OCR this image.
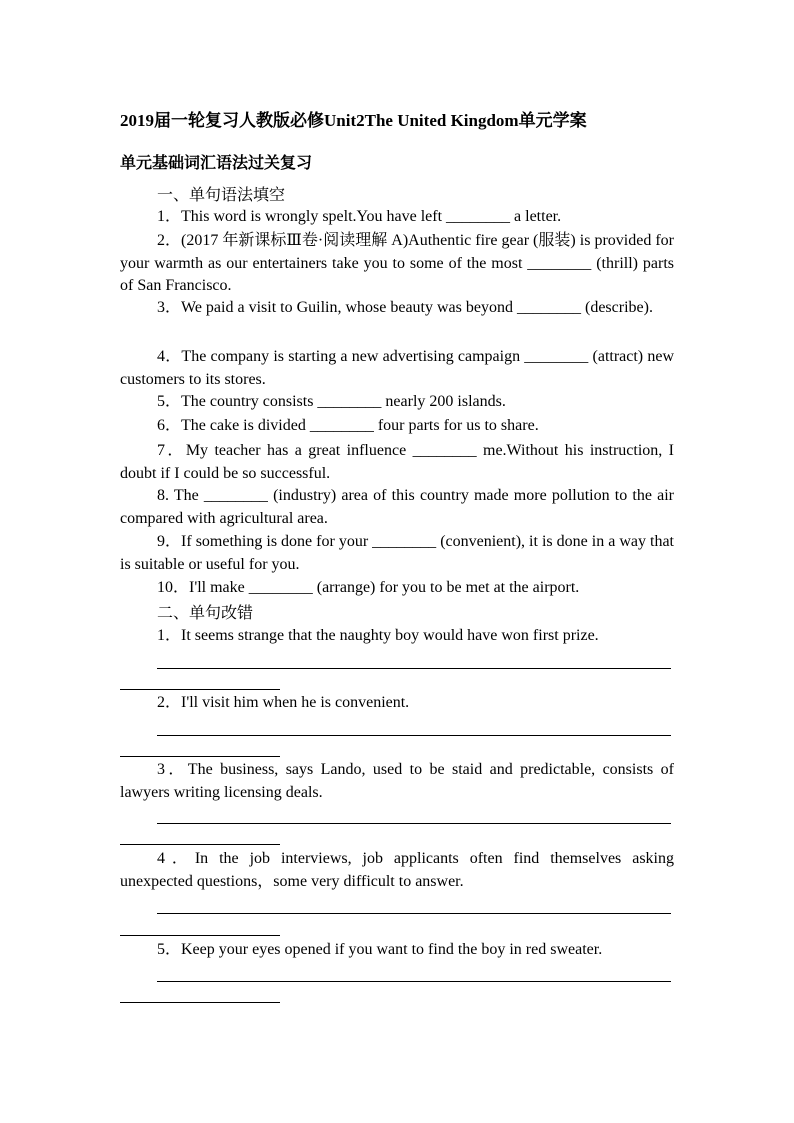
2019届一轮复习人教版必修Unit2The United Kingdom单元学案
单元基础词汇语法过关复习
一、单句语法填空
1．This word is wrongly spelt.You have left ________ a letter.
2．(2017 年新课标Ⅲ卷·阅读理解 A)Authentic fire gear (服装) is provided for your warmth as our entertainers take you to some of the most ________ (thrill) parts of San Francisco.
3．We paid a visit to Guilin, whose beauty was beyond ________ (describe).
4．The company is starting a new advertising campaign ________ (attract) new customers to its stores.
5．The country consists ________ nearly 200 islands.
6．The cake is divided ________ four parts for us to share.
7．My teacher has a great influence ________ me.Without his instruction, I doubt if I could be so successful.
8. The ________ (industry) area of this country made more pollution to the air compared with agricultural area.
9．If something is done for your ________ (convenient), it is done in a way that is suitable or useful for you.
10．I'll make ________ (arrange) for you to be met at the airport.
二、单句改错
1．It seems strange that the naughty boy would have won first prize.
2．I'll visit him when he is convenient.
3．The business, says Lando, used to be staid and predictable, consists of lawyers writing licensing deals.
4．In the job interviews, job applicants often find themselves asking unexpected questions，some very difficult to answer.
5．Keep your eyes opened if you want to find the boy in red sweater.
